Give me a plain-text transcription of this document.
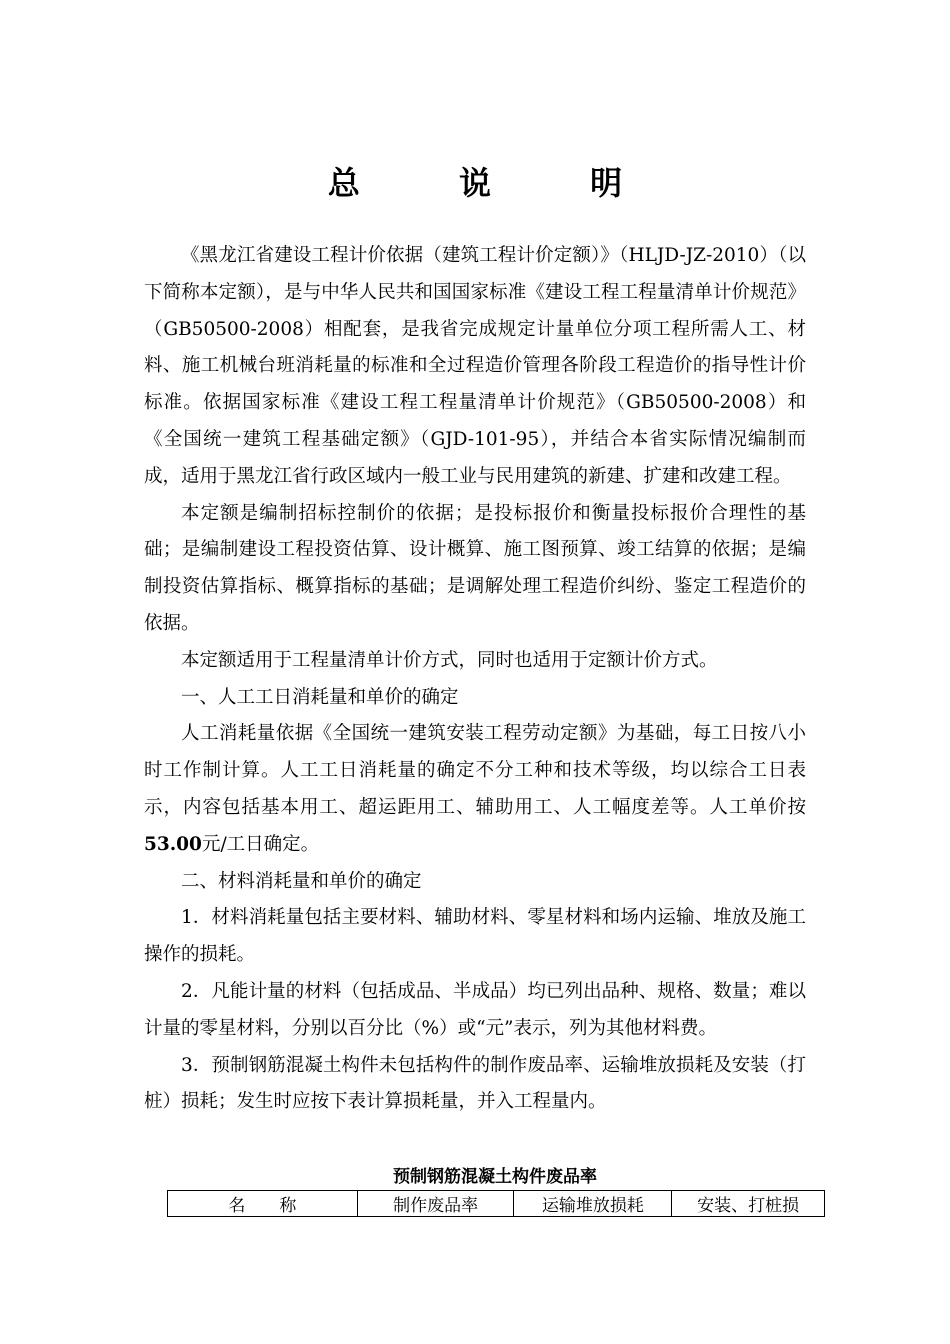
总	说	明

《黑龙江省建设工程计价依据（建筑工程计价定额）》（HLJD-JZ-2010）（以下简称本定额），是与中华人民共和国国家标准《建设工程工程量清单计价规范》（GB50500-2008）相配套，是我省完成规定计量单位分项工程所需人工、材料、施工机械台班消耗量的标准和全过程造价管理各阶段工程造价的指导性计价标准。依据国家标准《建设工程工程量清单计价规范》（GB50500-2008）和《全国统一建筑工程基础定额》（GJD-101-95），并结合本省实际情况编制而成，适用于黑龙江省行政区域内一般工业与民用建筑的新建、扩建和改建工程。

本定额是编制招标控制价的依据；是投标报价和衡量投标报价合理性的基础；是编制建设工程投资估算、设计概算、施工图预算、竣工结算的依据；是编制投资估算指标、概算指标的基础；是调解处理工程造价纠纷、鉴定工程造价的依据。

本定额适用于工程量清单计价方式，同时也适用于定额计价方式。

一、人工工日消耗量和单价的确定

人工消耗量依据《全国统一建筑安装工程劳动定额》为基础，每工日按八小时工作制计算。人工工日消耗量的确定不分工种和技术等级，均以综合工日表示，内容包括基本用工、超运距用工、辅助用工、人工幅度差等。人工单价按53.00元/工日确定。

二、材料消耗量和单价的确定

1．材料消耗量包括主要材料、辅助材料、零星材料和场内运输、堆放及施工操作的损耗。

2．凡能计量的材料（包括成品、半成品）均已列出品种、规格、数量；难以计量的零星材料，分别以百分比（%）或“元”表示，列为其他材料费。

3．预制钢筋混凝土构件未包括构件的制作废品率、运输堆放损耗及安装（打桩）损耗；发生时应按下表计算损耗量，并入工程量内。

预制钢筋混凝土构件废品率
名　　称	制作废品率	运输堆放损耗	安装、打桩损
